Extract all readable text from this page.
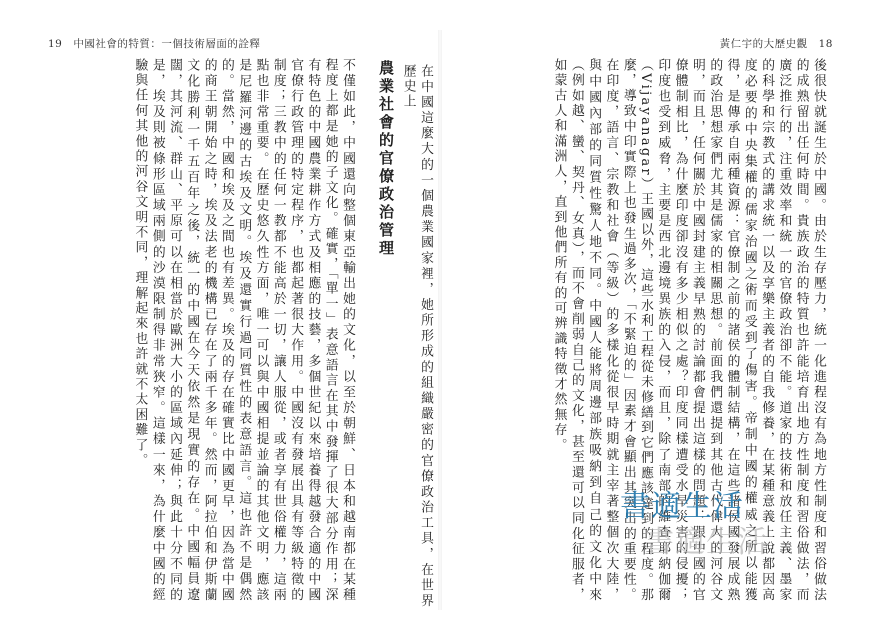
19　中國社會的特質：一個技術層面的詮釋
不僅如此，中國還向整個東亞輸出她的文化，以至於朝鮮、日本和越南都在某種程度上都是她的子文化。確實，「單一」表意語言在其中發揮了很大部分作用；深有特色的中國農業耕作方式及相應的技藝，多個世紀以來培養得越發合適的中國官僚行政管理的特定程序，也都起著很大作用。中國沒有發展出具有等級特徵的制度；三教中的任何一教都不能高於一切，讓人服從，或者享有世俗權力，這兩點也非常重要。在歷史悠久性方面，唯一可以與中國相提並論的其他文明，應該是尼羅河邊的古埃及文明。埃及還實行過同質性的表意語言。這也許不是偶然的。當然，中國和埃及之間也有差異。埃及的存在確實比中國更早，因為當中國的商王朝開始之時，埃及法老的機構已存在了兩千多年。然而，阿拉伯和伊斯蘭文化勝利一千五百年之後，統一的中國在今天依然是現實的存在。中國幅員遼闊，其河流、群山、平原可以在相當於歐洲大小的區域內延伸；與此十分不同的是，埃及則被條形區域兩側的沙漠限制得非常狹窄。這樣一來，為什麼中國的經驗與任何其他的河谷文明不同，理解起來也許就不太困難了。	農業社會的官僚政治管理	在中國這麼大的一個農業國家裡，她所形成的組織嚴密的官僚政治工具，在世界歷史上
黃仁宇的大歷史觀　18
後很快就誕生於中國。由於生存壓力，統一化進程沒有為地方性制度和習俗做法的成熟留出任何時間。貴族政治的特質也許能培育出地方性制度和習俗做法，而廣泛推行的，注重效率和統一的官僚政治卻不能。道家的技術和放任主義、墨家的科學和宗教式的講求統一以及享樂主義者的自我修養，在某種意義上說都因高度必要的中央集權的儒家治國之術而受到了傷害。帝制中國的權威之所以能獲得，是傳承自兩種資源：官僚制之前的諸侯的體制結構，在這些諸侯國發展成熟的政治思想家們尤其是儒家的相關思想。前面我們還提到其他古代偉大的河谷文明，而且，任何關於中國封建主義早熟的討論都會提出這樣的問題：跟中國的官僚體制相比，為什麼印度卻沒有多少相似之處？印度同樣遭受水旱災害的侵擾；印度也受到威脅，主要是西北邊境異族的入侵，而且，除了南部的維查耶納伽爾（Vijayanagar）王國以外，這些水利工程從未修繕到它們應該達到的程度。那麼，導致中印實際上也發生過多次，「不緊迫的」因素才會顯出其突出的重要性。在印度，語言、宗教和社會（等級）的多樣化從很早時期就主宰著整個次大陸，與中國內部的同質性驚人地不同。中國人能將周邊部族吸納到自己的文化中來（例如越、蠻、契丹、女真），而不會削弱自己的文化，甚至還可以同化征服者，如蒙古人和滿洲人，直到他們所有的可辨識特徵才然無存。
書適生活
書適生活
